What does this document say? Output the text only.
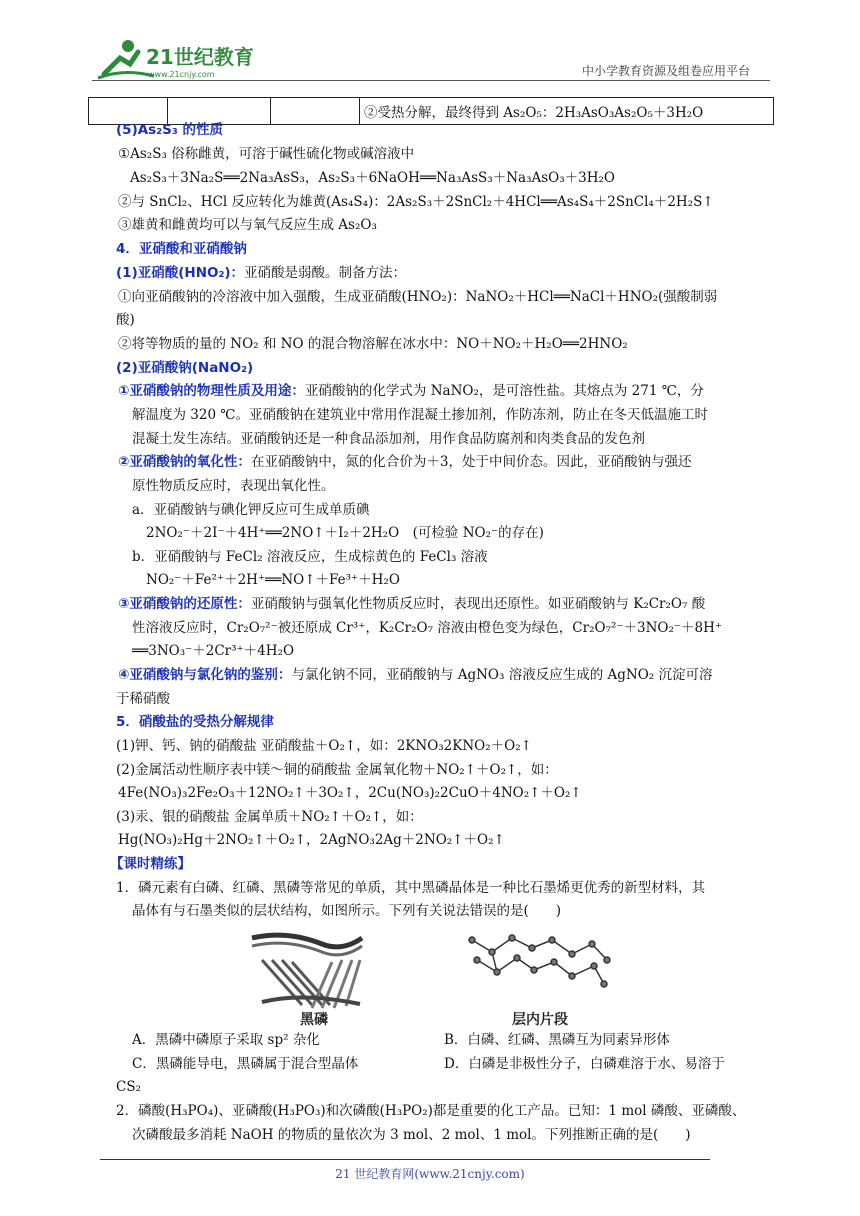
21世纪教育
www.21cnjy.com	中小学教育资源及组卷应用平台
			②受热分解，最终得到 As₂O₅：2H₃AsO₃As₂O₅＋3H₂O
(5)As₂S₃ 的性质
①As₂S₃ 俗称雌黄，可溶于碱性硫化物或碱溶液中
As₂S₃＋3Na₂S══2Na₃AsS₃，As₂S₃＋6NaOH══Na₃AsS₃＋Na₃AsO₃＋3H₂O
②与 SnCl₂、HCl 反应转化为雄黄(As₄S₄)：2As₂S₃＋2SnCl₂＋4HCl══As₄S₄＋2SnCl₄＋2H₂S↑
③雄黄和雌黄均可以与氧气反应生成 As₂O₃
4．亚硝酸和亚硝酸钠
(1)亚硝酸(HNO₂)：亚硝酸是弱酸。制备方法：
①向亚硝酸钠的冷溶液中加入强酸，生成亚硝酸(HNO₂)：NaNO₂＋HCl══NaCl＋HNO₂(强酸制弱
酸)
②将等物质的量的 NO₂ 和 NO 的混合物溶解在冰水中：NO＋NO₂＋H₂O══2HNO₂
(2)亚硝酸钠(NaNO₂)
①亚硝酸钠的物理性质及用途：亚硝酸钠的化学式为 NaNO₂，是可溶性盐。其熔点为 271 ℃，分
解温度为 320 ℃。亚硝酸钠在建筑业中常用作混凝土掺加剂，作防冻剂，防止在冬天低温施工时
混凝土发生冻结。亚硝酸钠还是一种食品添加剂，用作食品防腐剂和肉类食品的发色剂
②亚硝酸钠的氧化性：在亚硝酸钠中，氮的化合价为＋3，处于中间价态。因此，亚硝酸钠与强还
原性物质反应时，表现出氧化性。
a．亚硝酸钠与碘化钾反应可生成单质碘
2NO₂⁻＋2I⁻＋4H⁺══2NO↑＋I₂＋2H₂O　(可检验 NO₂⁻的存在)
b．亚硝酸钠与 FeCl₂ 溶液反应，生成棕黄色的 FeCl₃ 溶液
NO₂⁻＋Fe²⁺＋2H⁺══NO↑＋Fe³⁺＋H₂O
③亚硝酸钠的还原性：亚硝酸钠与强氧化性物质反应时，表现出还原性。如亚硝酸钠与 K₂Cr₂O₇ 酸
性溶液反应时，Cr₂O₇²⁻被还原成 Cr³⁺，K₂Cr₂O₇ 溶液由橙色变为绿色，Cr₂O₇²⁻＋3NO₂⁻＋8H⁺
══3NO₃⁻＋2Cr³⁺＋4H₂O
④亚硝酸钠与氯化钠的鉴别：与氯化钠不同，亚硝酸钠与 AgNO₃ 溶液反应生成的 AgNO₂ 沉淀可溶
于稀硝酸
5．硝酸盐的受热分解规律
(1)钾、钙、钠的硝酸盐 亚硝酸盐＋O₂↑，如：2KNO₃2KNO₂＋O₂↑
(2)金属活动性顺序表中镁～铜的硝酸盐 金属氧化物＋NO₂↑＋O₂↑，如：
4Fe(NO₃)₃2Fe₂O₃＋12NO₂↑＋3O₂↑，2Cu(NO₃)₂2CuO＋4NO₂↑＋O₂↑
(3)汞、银的硝酸盐 金属单质＋NO₂↑＋O₂↑，如：
Hg(NO₃)₂Hg＋2NO₂↑＋O₂↑，2AgNO₃2Ag＋2NO₂↑＋O₂↑
【课时精练】
1．磷元素有白磷、红磷、黑磷等常见的单质，其中黑磷晶体是一种比石墨烯更优秀的新型材料，其
晶体有与石墨类似的层状结构，如图所示。下列有关说法错误的是(　　)
A．黑磷中磷原子采取 sp² 杂化	B．白磷、红磷、黑磷互为同素异形体
C．黑磷能导电，黑磷属于混合型晶体	D．白磷是非极性分子，白磷难溶于水、易溶于
CS₂
2．磷酸(H₃PO₄)、亚磷酸(H₃PO₃)和次磷酸(H₃PO₂)都是重要的化工产品。已知：1 mol 磷酸、亚磷酸、
次磷酸最多消耗 NaOH 的物质的量依次为 3 mol、2 mol、1 mol。下列推断正确的是(　　)
黑磷	层内片段
21 世纪教育网(www.21cnjy.com)
